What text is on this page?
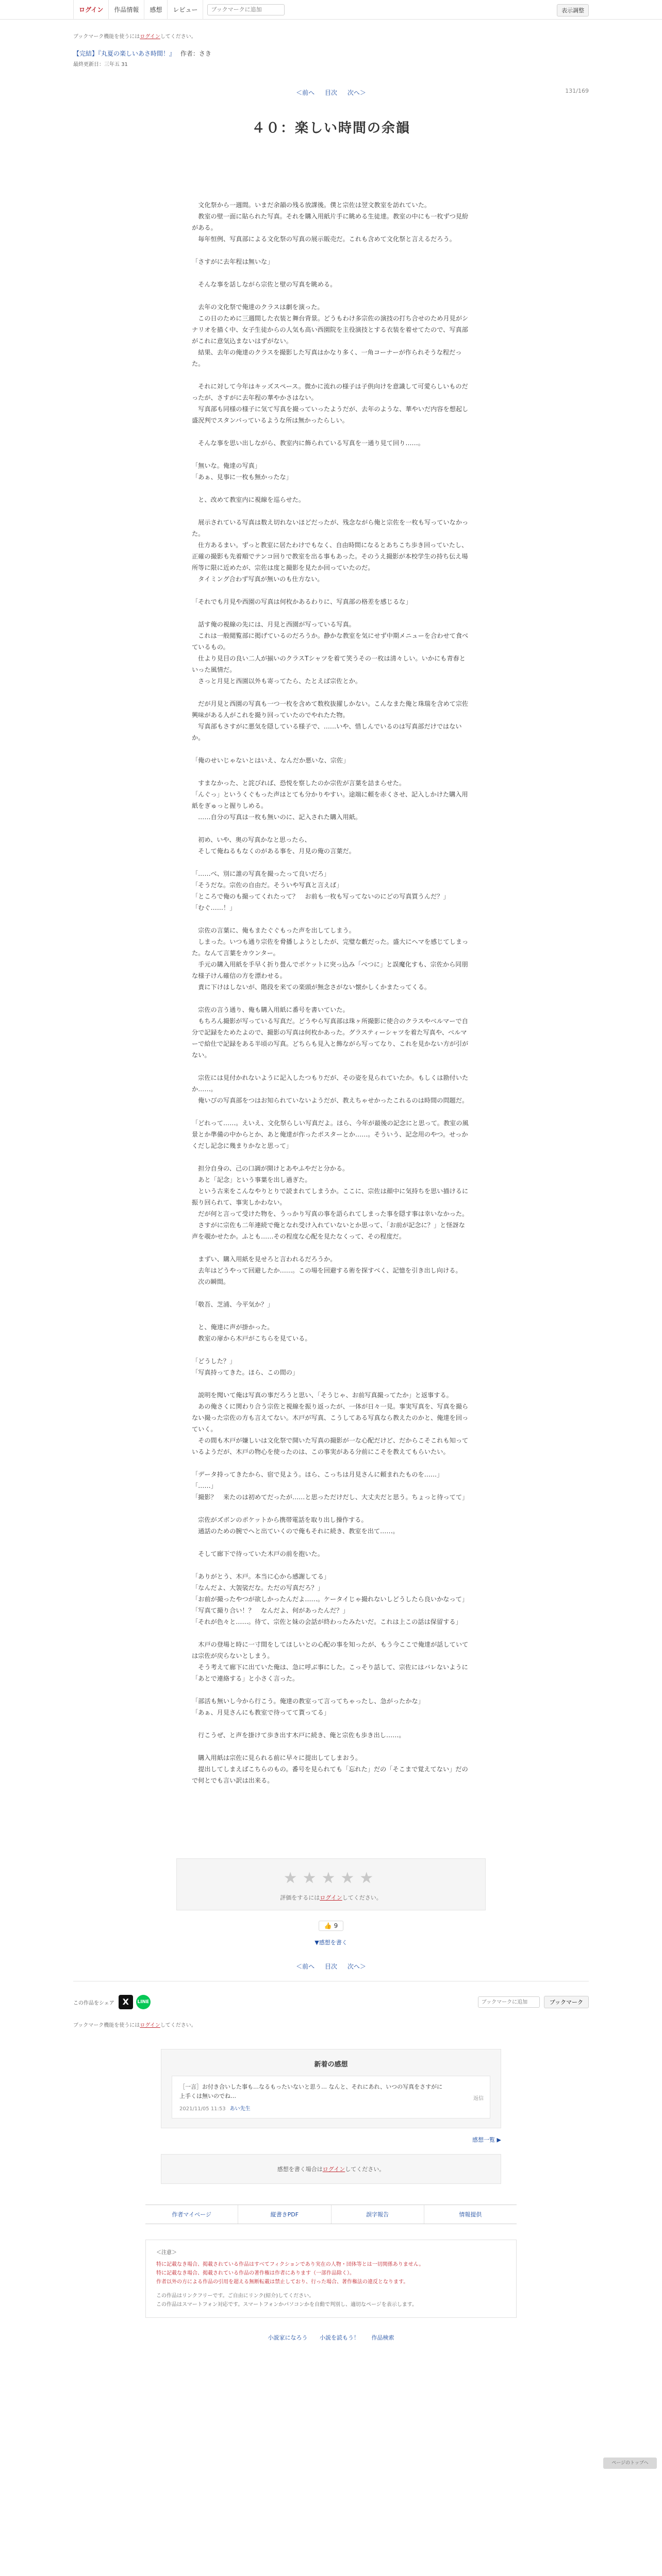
ログイン	作品情報	感想	レビュー
ブックマークに追加	表示調整
ブックマーク機能を使うにはログインしてください。
【完結】『丸夏の楽しいあさ時間！』 作者：さき
最終更新日：三年五 31
＜前へ 目次 次へ＞	131/169
４０：楽しい時間の余韻

　文化祭から一週間。いまだ余韻の残る放課後。僕と宗佐は翌文教室を訪れていた。

　教室の壁一面に貼られた写真。それを購入用紙片手に眺める生徒達。教室の中にも一枚ずつ見紛がある。

　毎年恒例、写真部による文化祭の写真の展示販売だ。これも含めて文化祭と言えるだろう。

「さすがに去年程は無いな」

　そんな事を話しながら宗佐と壁の写真を眺める。

　去年の文化祭で俺達のクラスは劇を演った。

　この日のために三週間した衣装と舞台背景。どうもわけ多宗佐の演技の打ち合せのため月見がシナリオを描く中、女子生徒からの人気も高い西園院を主役演技とする衣装を着せてたので、写真部がこれに意気込まないはずがない。

　結果、去年の俺達のクラスを撮影した写真はかなり多く、一角コーナーが作られそうな程だった。

　それに対して今年はキッズスペース。微かに流れの様子は子供向けを意識して可愛らしいものだったが、さすがに去年程の華やかさはない。

　写真部も同様の様子に気て写真を撮っていったようだが、去年のような、華やいだ内容を想起し盛況判でスタンバっているような所は無かったらしい。

　そんな事を思い出しながら、教室内に飾られている写真を一通り見て回り……。

「無いな。俺達の写真」

「あぁ、見事に一枚も無かったな」

　と、改めて教室内に視線を巡らせた。

　展示されている写真は数え切れないほどだったが、残念ながら俺と宗佐を一枚も写っていなかった。

　仕方あるまい。ずっと教室に居たわけでもなく、自由時間になるとあちこち歩き回っていたし、正確の撮影も先着順でテンコ回りで教室を出る事もあった。そのうえ撮影が本校学生の持ち伝え場所等に限に近めたが、宗佐は度と撮影を見たか回っていたのだ。

　タイミング合わず写真が無いのも仕方ない。

「それでも月見や西園の写真は何枚かあるわりに、写真部の格差を感じるな」

　話す俺の視線の先には、月見と西園が写っている写真。

　これは一般閲覧部に掲げているのだろうか。静かな教室を気にせず中期メニューを合わせて食べているもの。

　仕より見目の良い二人が揃いのクラスTシャツを着て笑うその一枚は清々しい。いかにも青春といった風情だ。

　さっと月見と西園以外も寄ってたら、たとえば宗佐とか。

　だが月見と西園の写真も一つ一枚を含めて数枚抜擢しかない。こんなまた俺と珠瑞を含めて宗佐興味がある人がこれを撮り回っていたのでやれたた物。

　写真部もさすがに悪気を隠している様子で、……いや、惜しんでいるのは写真部だけではないか。

「俺のせいじゃないとはいえ、なんだか悪いな、宗佐」

　すまなかった、と詫びれば、恐悦を察したのか宗佐が言葉を詰まらせた。

「んぐっ」というくぐもった声はとても分かりやすい。途端に頼を赤くさせ、記入しかけた購入用紙をぎゅっと握りしめる。

　……自分の写真は一枚も無いのに、記入された購入用紙。

　初め、いや、奥の写真かなと思ったら、

　そして俺ねるもなくのがある事を、月見の俺の言葉だ。

「……べ、別に誰の写真を撮ったって良いだろ」

「そうだな。宗佐の自由だ。そういや写真と言えば」

「ところで俺のも撮ってくれたって？　お前も一枚も写ってないのにどの写真買うんだ？」

「むぐ……！」

　宗佐の言葉に、俺もまたぐぐもった声を出してしまう。

　しまった。いつも通り宗佐を脅播しようとしたが、完璧な藪だった。盛大にヘマを感じてしまった。なんて言葉をカウンター。

　手元の購入用紙を手早く折り畳んでポケットに突っ込み「べつに」と誤魔化すも、宗佐から同朋な様子けん確信の方を漂わせる。

　責に下けはしないが、階段を来ての楽頭が無念さがない懐かしくかまたってくる。

　宗佐の言う通り、俺も購入用紙に番号を書いていた。

　もちろん撮影が写っている写真だ。どうやら写真部は珠ヶ所撮影に使合のクラスやベルマーで自分で記録をためたよので、撮影の写真は何枚かあった。グラスティーシャツを着た写真や、ベルマーで給仕で記録をある半頃の写真。どちらも見入と飾ながら写ってなり、これを見かない方が引がない。

　宗佐には見付かれないように記入したつもりだが、その姿を見られていたか。もしくは勘付いたか……。

　俺いびの写真部をつはお知られていないようだが、教えちゃせかったこれるのは時間の問題だ。

「どれって……。えいえ、文化祭らしい写真だよ。ほら、今年が最後の記念にと思って。教室の風景とか準備の中からとか、あと俺達が作ったポスターとか……。そういう、記念用のやつ。せっかくだし記念に幾まりかなと思って」

　担分自身の、己の口調が開けとあやふやだと分かる。

　あと「記念」という事葉を出し過ぎた。

　という古来をこんなやりとりで読まれてしまうか。ここに、宗佐は顔中に気持ちを思い描けるに振り回られて、事実しかわない。

　だが何と言って受けた物を、うっかり写真の事を語られてしまった事を隠す事は幸いなかった。

　さすがに宗佐も二年連続で俺となれ受け入れていないとか思って、「お前が記念に？」と怪訝な声を覗かせたか。ふとも……その程度な心配を見たなくって、その程度だ。

　まずい、購入用紙を見せろと言われるだろうか。

　去年はどうやって回避したか……。この場を回避する術を探すべく、記憶を引き出し向ける。

　次の瞬間。

「敬吾、芝浦、今平気か？」

　と、俺達に声が掛かった。

　教室の扉から木戸がこちらを見ている。

「どうした？」

「写真持ってきた。ほら、この間の」

　説明を聞いて俺は写真の事だろうと思い、「そうじゃ、お前写真撮ってたか」と返事する。

　あの俺さくに関わり合う宗佐と視線を振り返ったが、一体が日々一見。事実写真を、写真を撮らない撮った宗佐の方も言えてない。木戸が写真、こうしてある写真なら教えたのかと、俺達を回っていく。

　その間も木戸が嫌しいは文化祭で開いた写真の撮影が一な心配だけど、だからこそこれも知っているようだが、木戸の物心を使ったのは、この事実がある分前にこそを教えてもらいたい。

「データ持ってきたから、宿で見よう。ほら、こっちは月見さんに頼まれたものを……」

「……」

「撮影？　来たのは初めてだったが……と思っただけだし、大丈夫だと思う。ちょっと待ってて」

　宗佐がズボンのポケットから携帯電話を取り出し操作する。

　通話のための腕でへと出ていくので俺もそれに続き、教室を出て……。

　そして廊下で待っていた木戸の前を抱いた。

「ありがとう、木戸。本当に心から感謝してる」

「なんだよ、大袈裟だな。ただの写真だろ？」

「お前が撮ったやつが欲しかったんだよ……。ケータイじゃ撮れないしどうしたら良いかなって」

「写真て撮り合い！？　なんだよ、何があったんだ？」

「それが色々と……。待て、宗佐と妹の会話が終わったみたいだ。これは上この話は保留する」

　木戸の登場と時に一寸間をしてほしいとの心配の事を知ったが、もう今ここで俺達が話していては宗佐が戻らないとしまう。

　そう考えて廊下に出ていた俺は、急に呼ぶ事にした。こっそり話して、宗佐にはバレないように「あとで連絡する」と小さく言った。

「部活も無いし今から行こう。俺達の教室って言ってちゃったし、急がったかな」

「あぁ、月見さんにも教室で待ってて貰ってる」

　行こうぜ、と声を掛けて歩き出す木戸に続き、俺と宗佐も歩き出し……。

　購入用紙は宗佐に見られる前に早々に提出してしまおう。

　提出してしまえばこちらのもの。番号を見られても「忘れた」だの「そこまで覚えてない」だので何とでも言い訳は出来る。

★★★★★
評価をするにはログインしてください。
👍 9
▼感想を書く
＜前へ 目次 次へ＞
この作品をシェア X	LINE
ブックマークに追加	ブックマーク
ブックマーク機能を使うにはログインしてください。
新着の感想
［一言］お付き合いした事も…なるもったいないと思う… なんと、それにあれ、いつの写真をさすがに上手くは無いのでね…
2021/11/05 11:53 あい先生
返信
感想一覧 ▶
感想を書く場合はログインしてください。
作者マイページ	縦書きPDF	誤字報告	情報提供
＜注意＞
特に記載なき場合、掲載されている作品はすべてフィクションであり実在の人物・団体等とは一切関係ありません。
特に記載なき場合、掲載されている作品の著作権は作者にあります（一部作品除く）。
作者以外の方による作品の引用を超える無断転載は禁止しており、行った場合、著作権法の違反となります。
この作品はリンクフリーです。ご自由にリンク(紹介)してください。
この作品はスマートフォン対応です。スマートフォンかパソコンかを自動で判別し、適切なページを表示します。
小説家になろう 小説を読もう！ 作品検索
ページのトップへ
